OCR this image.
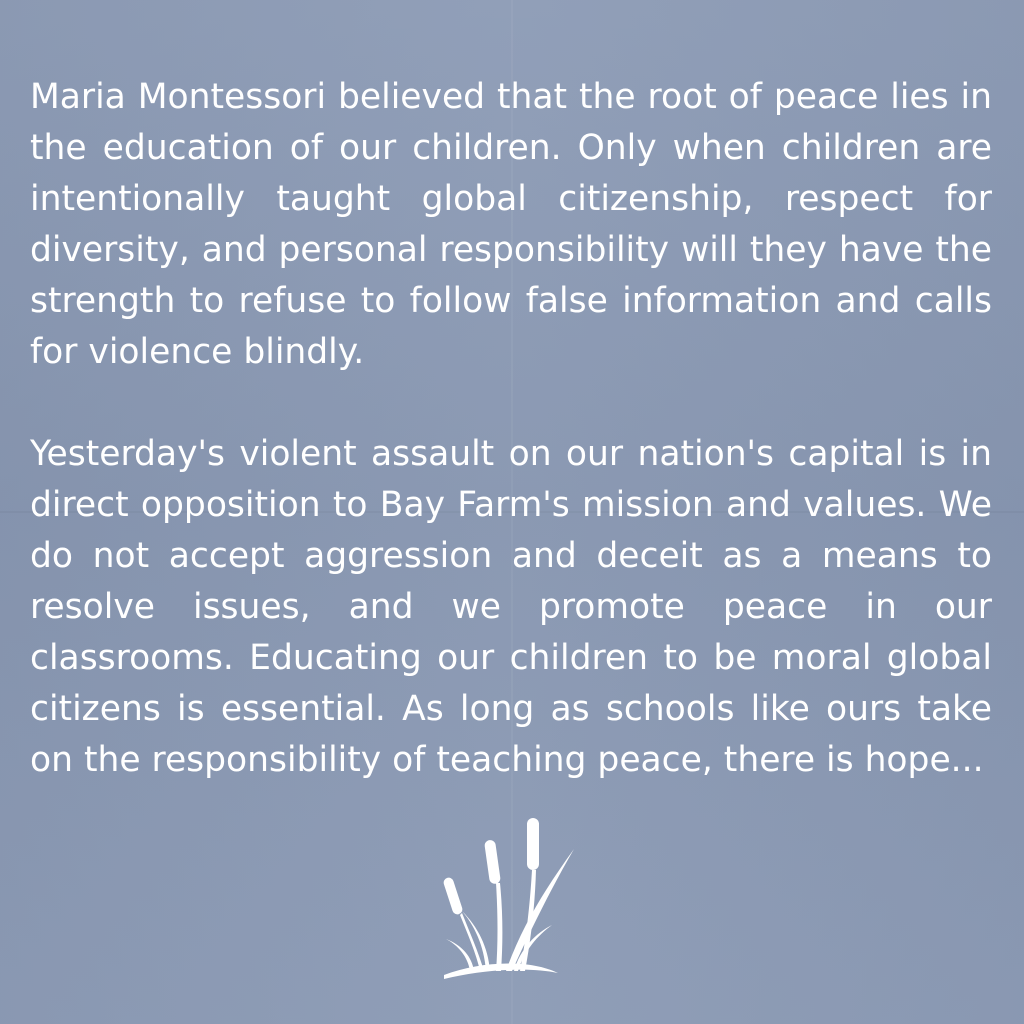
Maria Montessori believed that the root of peace lies in the education of our children. Only when children are intentionally taught global citizenship, respect for diversity, and personal responsibility will they have the strength to refuse to follow false information and calls for violence blindly.

Yesterday's violent assault on our nation's capital is in direct opposition to Bay Farm's mission and values. We do not accept aggression and deceit as a means to resolve issues, and we promote peace in our classrooms. Educating our children to be moral global citizens is essential. As long as schools like ours take on the responsibility of teaching peace, there is hope...
